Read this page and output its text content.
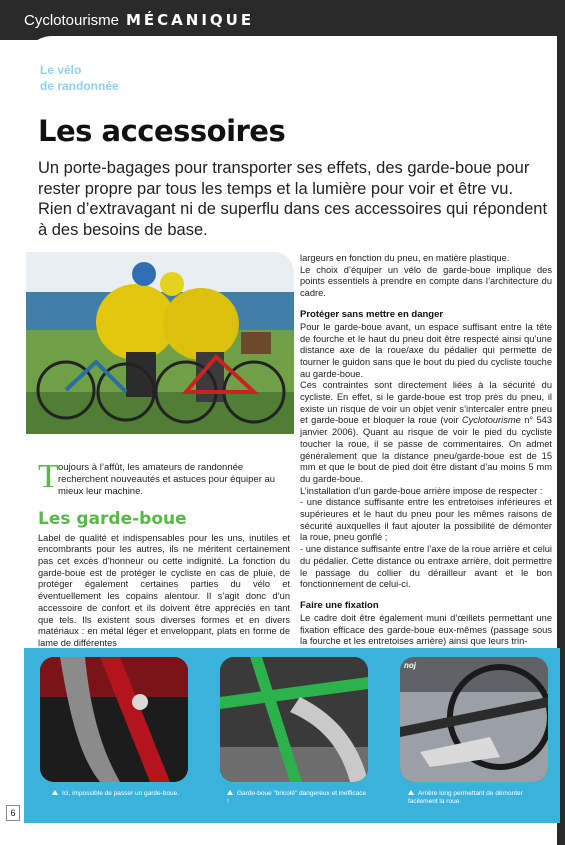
Cyclotourisme MÉCANIQUE
Le vélo
de randonnée
Les accessoires

Un porte-bagages pour transporter ses effets, des garde-boue pour rester propre par tous les temps et la lumière pour voir et être vu. Rien d’extravagant ni de superflu dans ces accessoires qui répondent à des besoins de base.

T oujours à l’affût, les amateurs de randonnée recherchent nouveautés et astuces pour équiper au mieux leur machine.

Les garde-boue

Label de qualité et indispensables pour les uns, inutiles et encombrants pour les autres, ils ne méritent certainement pas cet excès d’honneur ou cette indignité. La fonction du garde-boue est de protéger le cycliste en cas de pluie, de protéger également certaines parties du vélo et éventuellement les copains alentour. Il s’agit donc d’un accessoire de confort et ils doivent être appréciés en tant que tels. Ils existent sous diverses formes et en divers matériaux : en métal léger et enveloppant, plats en forme de lame de différentes

largeurs en fonction du pneu, en matière plastique.

Le choix d’équiper un vélo de garde-boue implique des points essentiels à prendre en compte dans l’architecture du cadre.

Protéger sans mettre en danger

Pour le garde-boue avant, un espace suffisant entre la tête de fourche et le haut du pneu doit être respecté ainsi qu’une distance axe de la roue/axe du pédalier qui permette de tourner le guidon sans que le bout du pied du cycliste touche au garde-boue.

Ces contraintes sont directement liées à la sécurité du cycliste. En effet, si le garde-boue est trop près du pneu, il existe un risque de voir un objet venir s’intercaler entre pneu et garde-boue et bloquer la roue (voir Cyclotourisme n° 543 janvier 2006). Quant au risque de voir le pied du cycliste toucher la roue, il se passe de commentaires. On admet généralement que la distance pneu/garde-boue est de 15 mm et que le bout de pied doit être distant d’au moins 5 mm du garde-boue.

L’installation d’un garde-boue arrière impose de respecter :

- une distance suffisante entre les entretoises inférieures et supérieures et le haut du pneu pour les mêmes raisons de sécurité auxquelles il faut ajouter la possibilité de démonter la roue, pneu gonflé ;

- une distance suffisante entre l’axe de la roue arrière et celui du pédalier. Cette distance ou entraxe arrière, doit permettre le passage du collier du dérailleur avant et le bon fonctionnement de celui-ci.

Faire une fixation

Le cadre doit être également muni d’œillets permettant une fixation efficace des garde-boue eux-mêmes (passage sous la fourche et les entretoises arrière) ainsi que leurs trin-

noj
Ici, impossible de passer un garde-boue.	Garde-boue "bricolé" dangereux et inefficace !
Arrière long permettant de démonter facilement la roue.
6
